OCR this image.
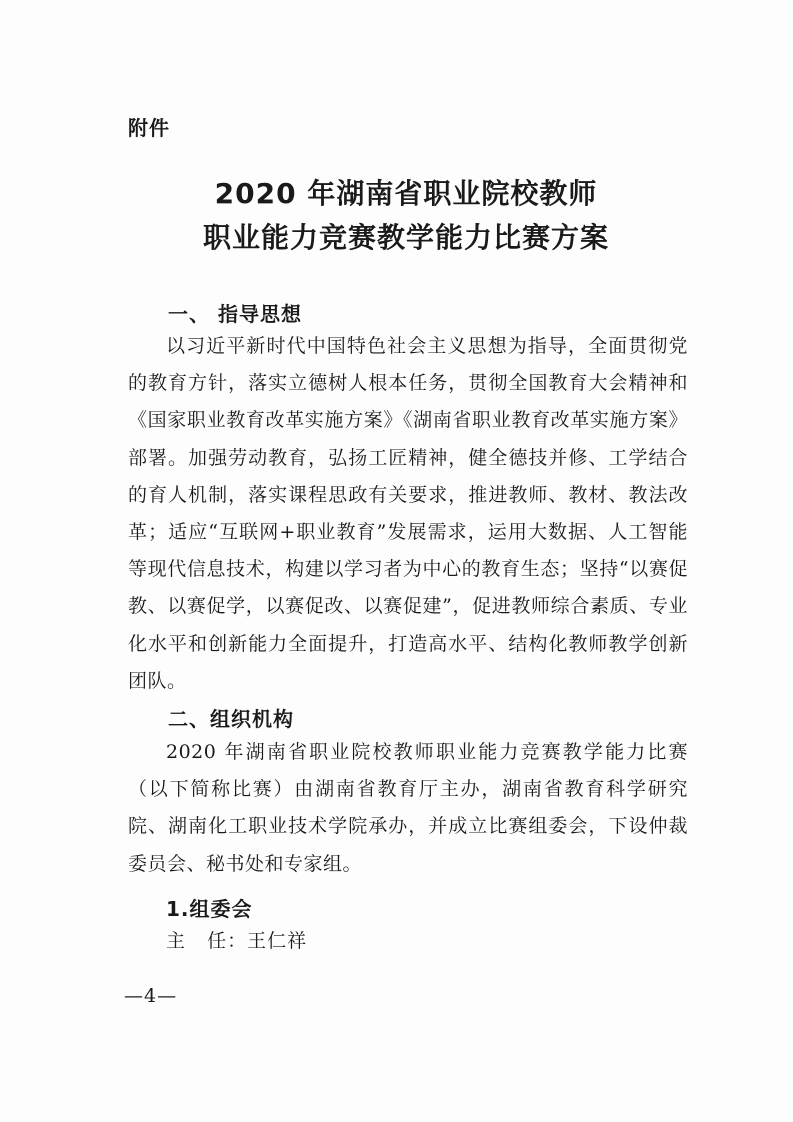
附件
2020 年湖南省职业院校教师
职业能力竞赛教学能力比赛方案
一、 指导思想

以习近平新时代中国特色社会主义思想为指导，全面贯彻党的教育方针，落实立德树人根本任务，贯彻全国教育大会精神和《国家职业教育改革实施方案》《湖南省职业教育改革实施方案》部署。加强劳动教育，弘扬工匠精神，健全德技并修、工学结合的育人机制，落实课程思政有关要求，推进教师、教材、教法改革；适应“互联网+职业教育”发展需求，运用大数据、人工智能等现代信息技术，构建以学习者为中心的教育生态；坚持“以赛促教、以赛促学，以赛促改、以赛促建”，促进教师综合素质、专业化水平和创新能力全面提升，打造高水平、结构化教师教学创新团队。

二、组织机构

2020 年湖南省职业院校教师职业能力竞赛教学能力比赛（以下简称比赛）由湖南省教育厅主办，湖南省教育科学研究院、湖南化工职业技术学院承办，并成立比赛组委会，下设仲裁委员会、秘书处和专家组。

1.组委会
主   任：王仁祥
—4—
